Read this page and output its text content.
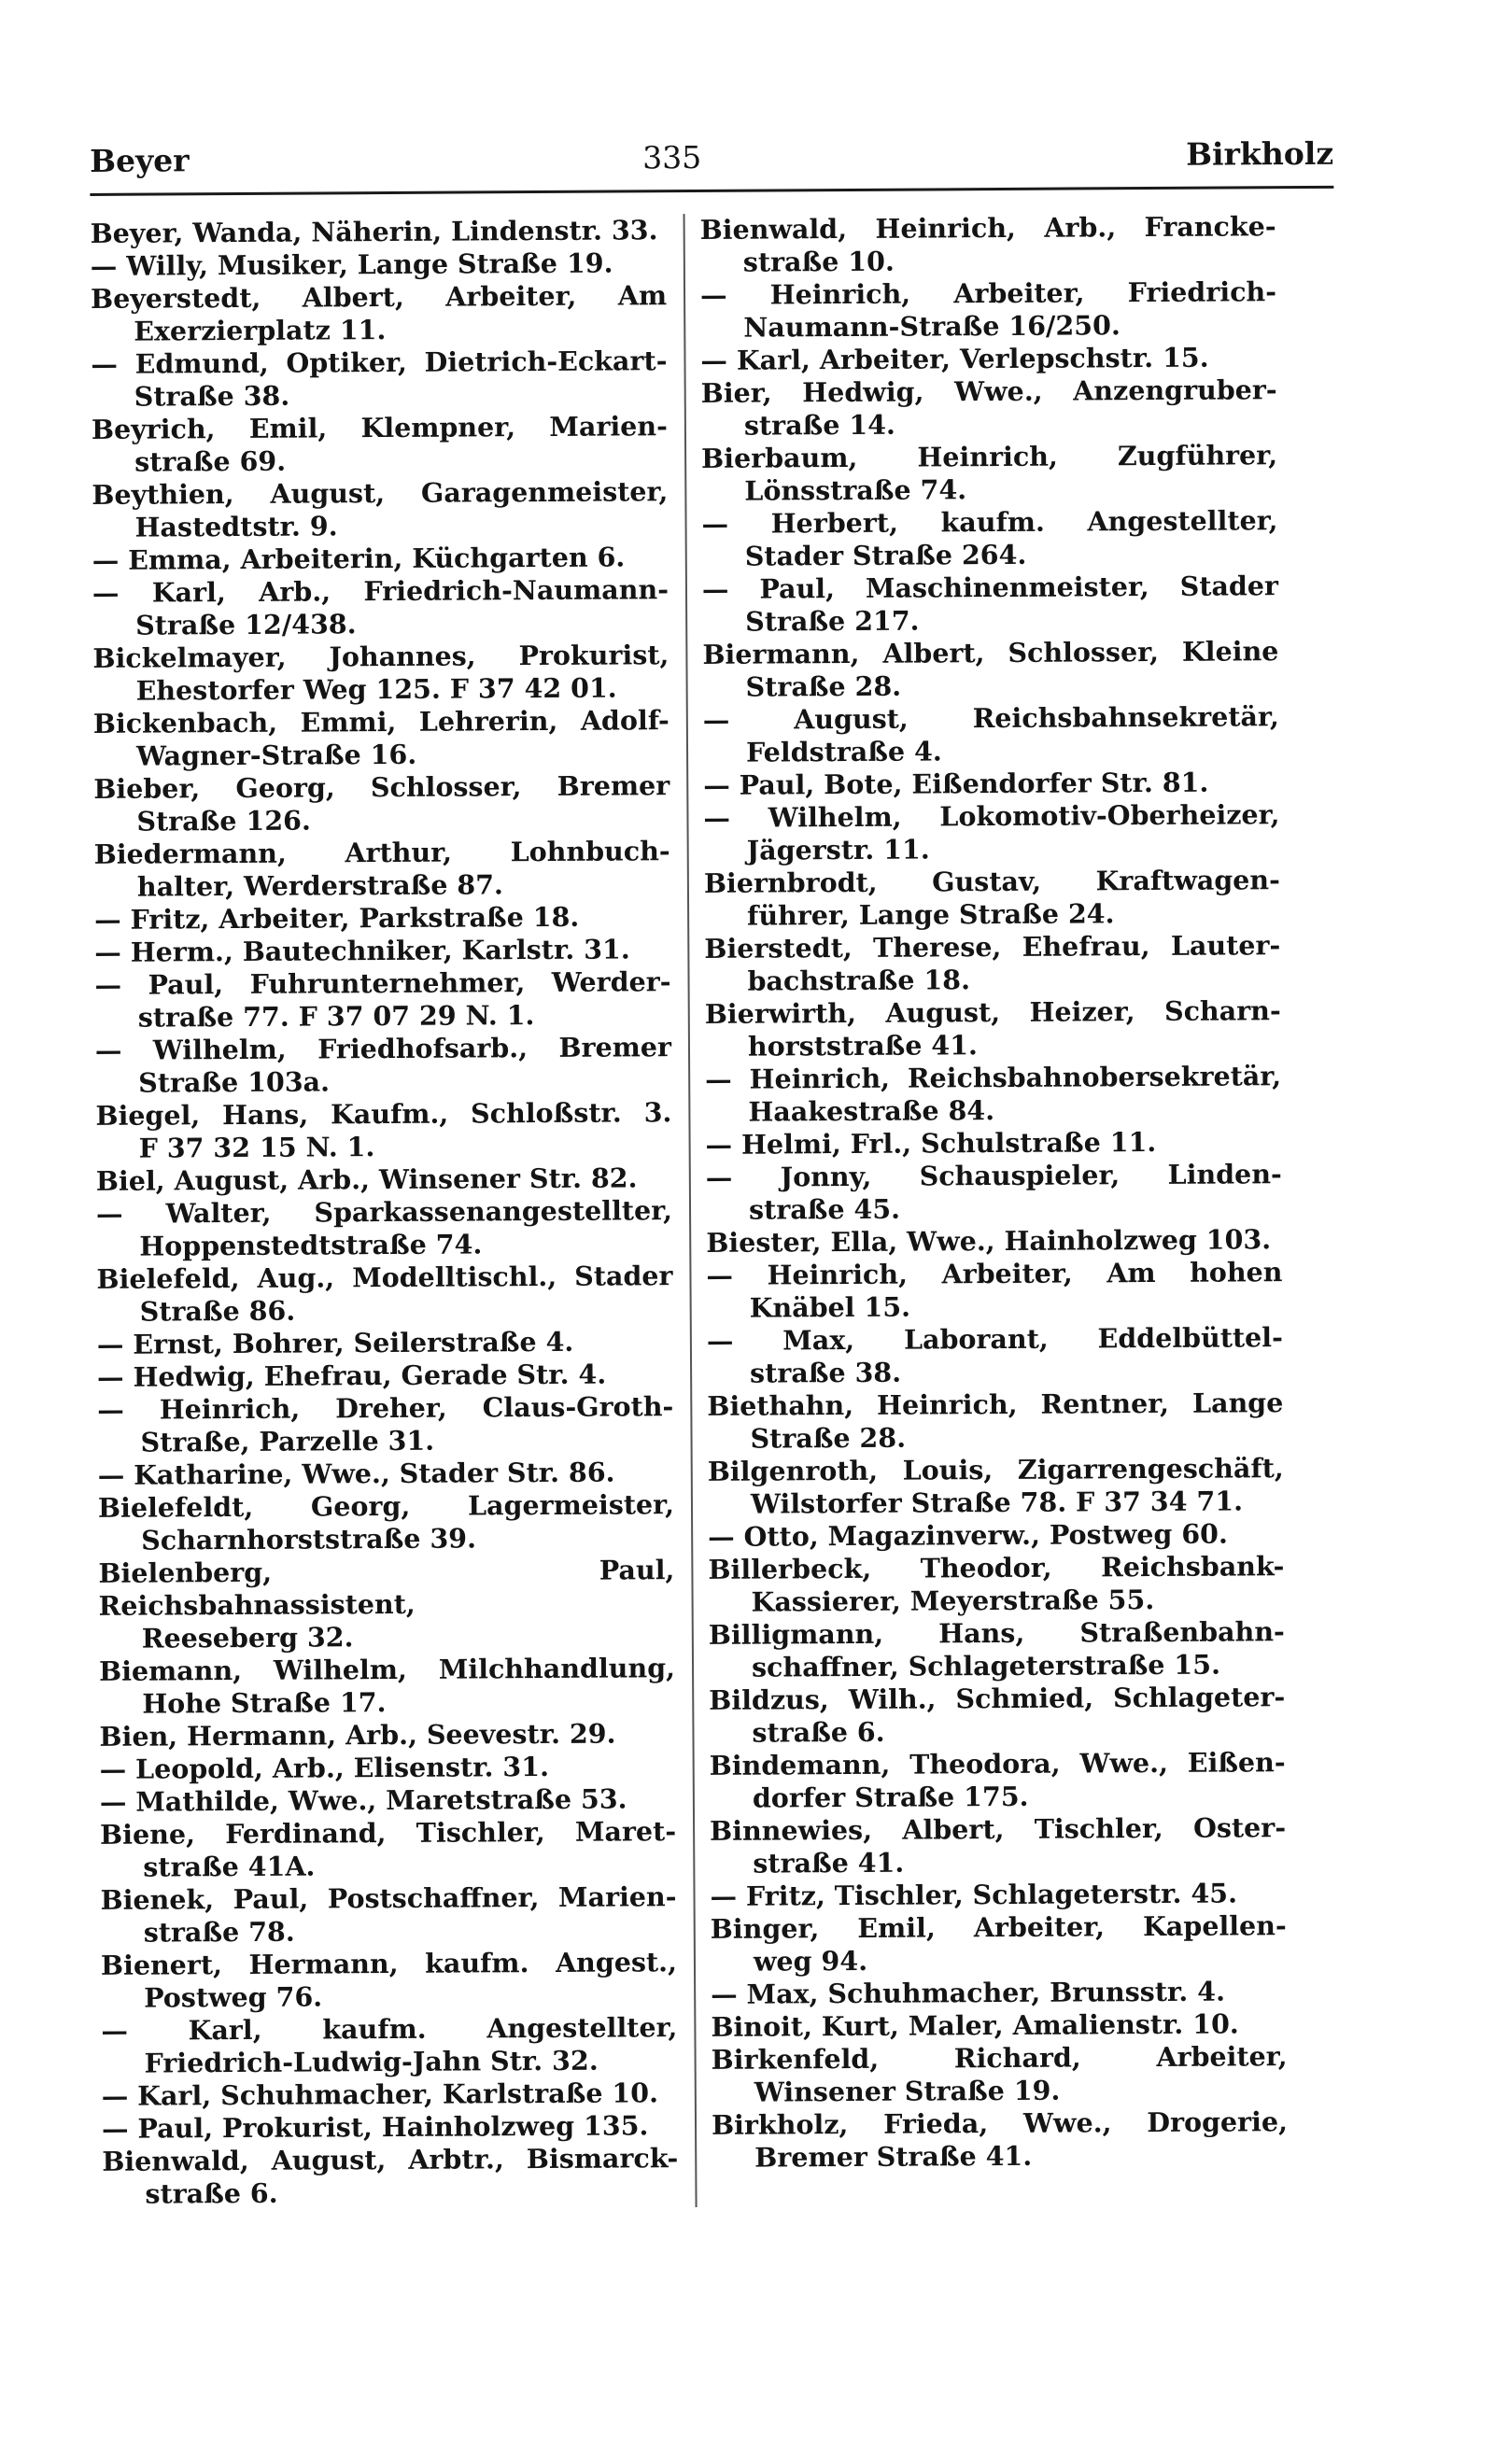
Beyer	335	Birkholz

Beyer, Wanda, Näherin, Lindenstr. 33.

— Willy, Musiker, Lange Straße 19.

Beyerstedt, Albert, Arbeiter, Am

Exerzierplatz 11.

— Edmund, Optiker, Dietrich-Eckart-

Straße 38.

Beyrich, Emil, Klempner, Marien-

straße 69.

Beythien, August, Garagenmeister,

Hastedtstr. 9.

— Emma, Arbeiterin, Küchgarten 6.

— Karl, Arb., Friedrich-Naumann-

Straße 12/438.

Bickelmayer, Johannes, Prokurist,

Ehestorfer Weg 125. F 37 42 01.

Bickenbach, Emmi, Lehrerin, Adolf-

Wagner-Straße 16.

Bieber, Georg, Schlosser, Bremer

Straße 126.

Biedermann, Arthur, Lohnbuch-

halter, Werderstraße 87.

— Fritz, Arbeiter, Parkstraße 18.

— Herm., Bautechniker, Karlstr. 31.

— Paul, Fuhrunternehmer, Werder-

straße 77. F 37 07 29 N. 1.

— Wilhelm, Friedhofsarb., Bremer

Straße 103a.

Biegel, Hans, Kaufm., Schloßstr. 3.

F 37 32 15 N. 1.

Biel, August, Arb., Winsener Str. 82.

— Walter, Sparkassenangestellter,

Hoppenstedtstraße 74.

Bielefeld, Aug., Modelltischl., Stader

Straße 86.

— Ernst, Bohrer, Seilerstraße 4.

— Hedwig, Ehefrau, Gerade Str. 4.

— Heinrich, Dreher, Claus-Groth-

Straße, Parzelle 31.

— Katharine, Wwe., Stader Str. 86.

Bielefeldt, Georg, Lagermeister,

Scharnhorststraße 39.

Bielenberg, Paul, Reichsbahnassistent,

Reeseberg 32.

Biemann, Wilhelm, Milchhandlung,

Hohe Straße 17.

Bien, Hermann, Arb., Seevestr. 29.

— Leopold, Arb., Elisenstr. 31.

— Mathilde, Wwe., Maretstraße 53.

Biene, Ferdinand, Tischler, Maret-

straße 41A.

Bienek, Paul, Postschaffner, Marien-

straße 78.

Bienert, Hermann, kaufm. Angest.,

Postweg 76.

— Karl, kaufm. Angestellter,

Friedrich-Ludwig-Jahn Str. 32.

— Karl, Schuhmacher, Karlstraße 10.

— Paul, Prokurist, Hainholzweg 135.

Bienwald, August, Arbtr., Bismarck-

straße 6.

Bienwald, Heinrich, Arb., Francke-

straße 10.

— Heinrich, Arbeiter, Friedrich-

Naumann-Straße 16/250.

— Karl, Arbeiter, Verlepschstr. 15.

Bier, Hedwig, Wwe., Anzengruber-

straße 14.

Bierbaum, Heinrich, Zugführer,

Lönsstraße 74.

— Herbert, kaufm. Angestellter,

Stader Straße 264.

— Paul, Maschinenmeister, Stader

Straße 217.

Biermann, Albert, Schlosser, Kleine

Straße 28.

— August, Reichsbahnsekretär,

Feldstraße 4.

— Paul, Bote, Eißendorfer Str. 81.

— Wilhelm, Lokomotiv-Oberheizer,

Jägerstr. 11.

Biernbrodt, Gustav, Kraftwagen-

führer, Lange Straße 24.

Bierstedt, Therese, Ehefrau, Lauter-

bachstraße 18.

Bierwirth, August, Heizer, Scharn-

horststraße 41.

— Heinrich, Reichsbahnobersekretär,

Haakestraße 84.

— Helmi, Frl., Schulstraße 11.

— Jonny, Schauspieler, Linden-

straße 45.

Biester, Ella, Wwe., Hainholzweg 103.

— Heinrich, Arbeiter, Am hohen

Knäbel 15.

— Max, Laborant, Eddelbüttel-

straße 38.

Biethahn, Heinrich, Rentner, Lange

Straße 28.

Bilgenroth, Louis, Zigarrengeschäft,

Wilstorfer Straße 78. F 37 34 71.

— Otto, Magazinverw., Postweg 60.

Billerbeck, Theodor, Reichsbank-

Kassierer, Meyerstraße 55.

Billigmann, Hans, Straßenbahn-

schaffner, Schlageterstraße 15.

Bildzus, Wilh., Schmied, Schlageter-

straße 6.

Bindemann, Theodora, Wwe., Eißen-

dorfer Straße 175.

Binnewies, Albert, Tischler, Oster-

straße 41.

— Fritz, Tischler, Schlageterstr. 45.

Binger, Emil, Arbeiter, Kapellen-

weg 94.

— Max, Schuhmacher, Brunsstr. 4.

Binoit, Kurt, Maler, Amalienstr. 10.

Birkenfeld, Richard, Arbeiter,

Winsener Straße 19.

Birkholz, Frieda, Wwe., Drogerie,

Bremer Straße 41.
